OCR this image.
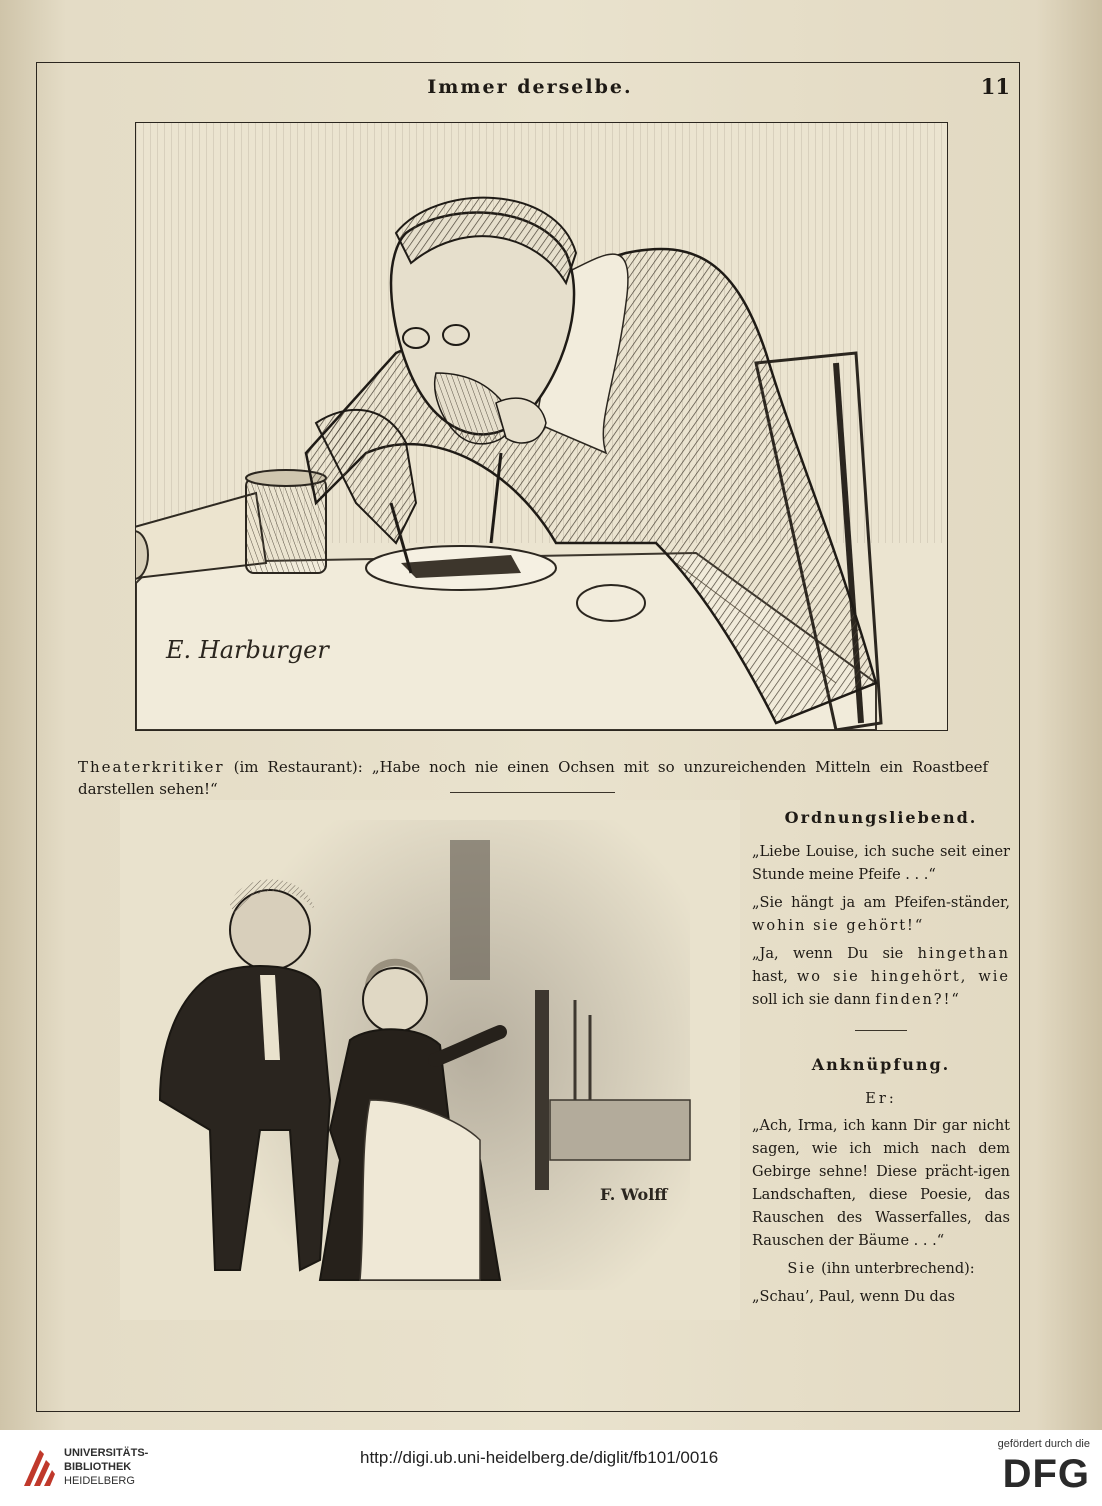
Immer derselbe.	11
E. Harburger
Theaterkritiker (im Restaurant): „Habe noch nie einen Ochsen mit so unzureichenden Mitteln ein Roastbeef darstellen sehen!“
F. Wolff
Ordnungsliebend.

„Liebe Louise, ich suche seit einer Stunde meine Pfeife . . .“

„Sie hängt ja am Pfeifen-ständer, wohin sie gehört!“

„Ja, wenn Du sie hingethan hast, wo sie hingehört, wie soll ich sie dann finden?!“

Anknüpfung.
Er:

„Ach, Irma, ich kann Dir gar nicht sagen, wie ich mich nach dem Gebirge sehne! Diese prächt-igen Landschaften, diese Poesie, das Rauschen des Wasserfalles, das Rauschen der Bäume . . .“

Sie (ihn unterbrechend):

„Schau’, Paul, wenn Du das

UNIVERSITÄTS-
BIBLIOTHEK
HEIDELBERG
http://digi.ub.uni-heidelberg.de/diglit/fb101/0016
gefördert durch die
DFG
